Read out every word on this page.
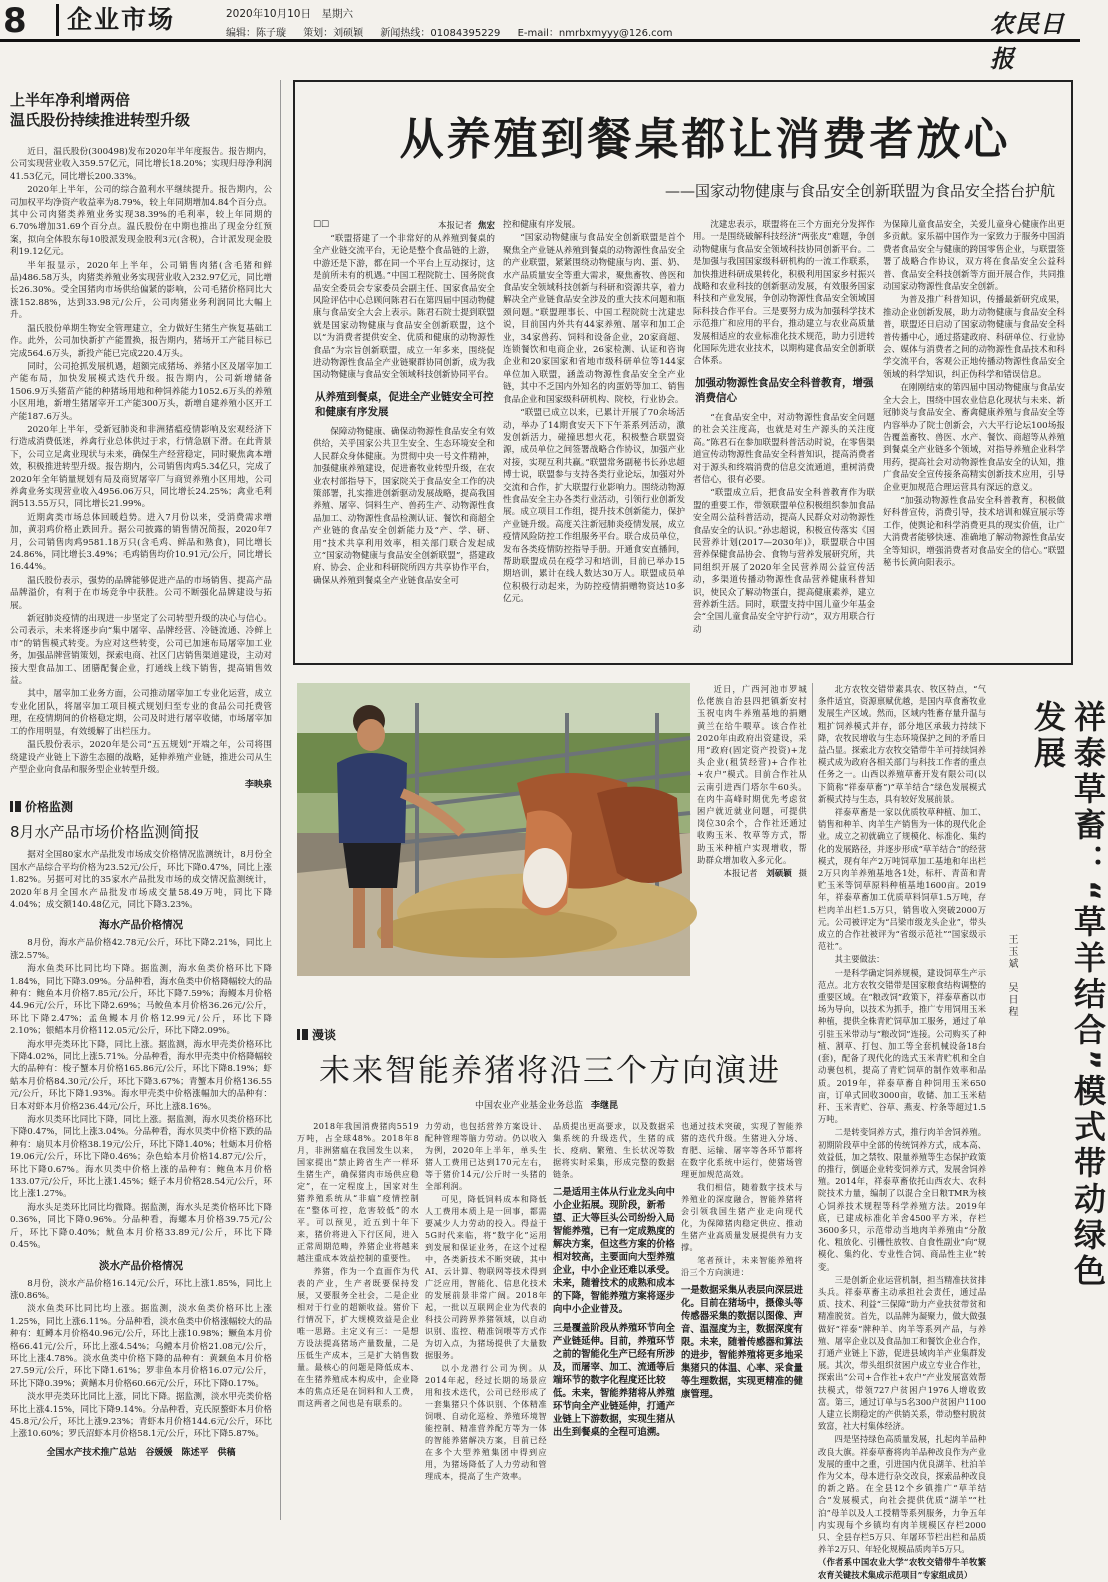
8	企业市场	2020年10月10日　星期六
编辑：陈子璇 策划：刘硕颖 新闻热线：01084395229 E-mail：nmrbxmyyy@126.com	农民日报
上半年净利增两倍
温氏股份持续推进转型升级

近日，温氏股份(300498)发布2020年半年度报告。报告期内，公司实现营业收入359.57亿元，同比增长18.20%；实现归母净利润41.53亿元，同比增长200.33%。

2020年上半年，公司的综合盈利水平继续提升。报告期内，公司加权平均净资产收益率为8.79%，较上年同期增加4.84个百分点。其中公司肉猪类养殖业务实现38.39%的毛利率，较上年同期的6.70%增加31.69个百分点。温氏股份在中期也推出了现金分红预案，拟向全体股东每10股派发现金股利3元(含税)，合计派发现金股利19.12亿元。

半年报显示，2020年上半年，公司销售肉猪(含毛猪和鲜品)486.58万头，肉猪类养殖业务实现营业收入232.97亿元，同比增长26.30%。受全国猪肉市场供给偏紧的影响，公司毛猪价格同比大涨152.88%，达到33.98元/公斤，公司肉猪业务利润同比大幅上升。

温氏股份单期生物安全管理建立，全力做好生猪生产恢复基础工作。此外，公司加快新扩产能置换，报告期内，猪场开工产能目标已完成564.6万头，新投产能已完成220.4万头。

同时，公司抢抓发展机遇，超额完成猪场、养猪小区及屠宰加工产能布局，加快发展模式迭代升级。报告期内，公司新增储备1506.9万头猪苗产能的种猪场用地和种饲养能力1052.6万头的养殖小区用地，新增生猪屠宰开工产能300万头，新增自建养殖小区开工产能187.6万头。

2020年上半年，受新冠肺炎和非洲猪瘟疫情影响及宏观经济下行造成消费低迷，养禽行业总体供过于求，行情急剧下滑。在此背景下，公司立足禽业现状与未来，确保生产经营稳定，同时聚焦禽本增效，积极推进转型升级。报告期内，公司销售肉鸡5.34亿只，完成了2020年全年销量规划有局及商贸屠宰厂与商贸养殖小区用地，公司养禽业务实现营业收入4956.06万只，同比增长24.25%；禽业毛利润513.55万只，同比增长21.99%。

近期禽类市场总体回暖趋势。进入7月份以来，受消费需求增加，黄羽鸡价格止跌回升。据公司披露的销售情况简报，2020年7月，公司销售肉鸡9581.18万只(含毛鸡、鲜品和熟食)，同比增长24.86%，同比增长3.49%；毛鸡销售均价10.91元/公斤，同比增长16.44%。

温氏股份表示，强势的品牌能够促进产品的市场销售、提高产品品牌溢价，有利于在市场竞争中获胜。公司不断强化品牌建设与拓展。

新冠肺炎疫情的出现进一步坚定了公司转型升级的决心与信心。公司表示，未来将逐步向“集中屠宰、品牌经营、冷链流通、冷鲜上市”的销售模式转变。为应对这些转变，公司已加速布局屠宰加工业务，加强品牌营销策划，探索电商、社区门店销售渠道建设，主动对接大型食品加工、团膳配餐企业，打通线上线下销售，提高销售效益。

其中，屠宰加工业务方面，公司推动屠宰加工专业化运营，成立专业化团队，将屠宰加工项目模式规划归至专业的食品公司托费管理，在疫情期间的价格稳定期，公司及时进行屠宰收储，市场屠宰加工的作用明显，有效缓解了出栏压力。

温氏股份表示，2020年是公司“五五规划”开端之年，公司将围绕建设产业链上下游生态圈的战略，延伸养殖产业链，推进公司从生产型企业向食品和服务型企业转型升级。

李映泉
价格监测
8月水产品市场价格监测简报

据对全国80家水产品批发市场成交价格情况监测统计，8月份全国水产品综合平均价格为23.52元/公斤，环比下降0.47%，同比上涨1.82%。另据可对比的35家水产品批发市场的成交情况监测统计，2020年8月全国水产品批发市场成交量58.49万吨，同比下降4.04%；成交额140.48亿元，同比下降3.23%。

海水产品价格情况

8月份，海水产品价格42.78元/公斤，环比下降2.21%，同比上涨2.57%。

海水鱼类环比同比均下降。据监测，海水鱼类价格环比下降1.84%，同比下降3.09%。分品种看，海水鱼类中价格降幅较大的品种有：鲍鱼本月价格7.85元/公斤，环比下降7.59%；海鳗本月价格44.96元/公斤，环比下降2.69%；马鲛鱼本月价格36.26元/公斤，环比下降2.47%；孟鱼鳗本月价格12.99元/公斤，环比下降2.10%；银鲳本月价格112.05元/公斤，环比下降2.09%。

海水甲壳类环比下降，同比上涨。据监测，海水甲壳类价格环比下降4.02%，同比上涨5.71%。分品种看，海水甲壳类中价格降幅较大的品种有：梭子蟹本月价格165.86元/公斤，环比下降8.19%；虾蛄本月价格84.30元/公斤，环比下降3.67%；青蟹本月价格136.55元/公斤，环比下降1.93%。海水甲壳类中价格涨幅加大的品种有：日本对虾本月价格236.44元/公斤，环比上涨8.16%。

海水贝类环比同比下降，同比上涨。据监测，海水贝类价格环比下降0.47%，同比上涨3.04%。分品种看，海水贝类中价格下跌的品种有：扇贝本月价格38.19元/公斤，环比下降1.40%；牡蛎本月价格19.06元/公斤，环比下降0.46%；杂色蛤本月价格14.87元/公斤，环比下降0.67%。海水贝类中价格上涨的品种有：鲍鱼本月价格133.07元/公斤，环比上涨1.45%；蛏子本月价格28.54元/公斤，环比上涨1.27%。

海水头足类环比同比均微降。据监测，海水头足类价格环比下降0.36%，同比下降0.96%。分品种看，海螺本月价格39.75元/公斤，环比下降0.40%；鱿鱼本月价格33.89元/公斤，环比下降0.45%。

淡水产品价格情况

8月份，淡水产品价格16.14元/公斤，环比上涨1.85%，同比上涨0.86%。

淡水鱼类环比同比均上涨。据监测，淡水鱼类价格环比上涨1.25%，同比上涨6.11%。分品种看，淡水鱼类中价格涨幅较大的品种有：虹鳟本月价格40.96元/公斤，环比上涨10.98%；鳜鱼本月价格66.41元/公斤，环比上涨4.54%；乌鳢本月价格21.08元/公斤，环比上涨4.78%。淡水鱼类中价格下降的品种有：黄颡鱼本月价格27.59元/公斤，环比下降1.61%；罗非鱼本月价格16.07元/公斤，环比下降0.39%；黄鳝本月价格60.66元/公斤，环比下降0.17%。

淡水甲壳类环比同比上涨，同比下降。据监测，淡水甲壳类价格环比上涨4.15%，同比下降9.14%。分品种看，克氏原螯虾本月价格45.8元/公斤，环比上涨9.23%；青虾本月价格144.6元/公斤，环比上涨10.60%；罗氏沼虾本月价格58.1元/公斤，环比下降5.87%。

全国水产技术推广总站　谷媛媛　陈述平　供稿
从养殖到餐桌都让消费者放心
——国家动物健康与食品安全创新联盟为食品安全搭台护航
□□	本报记者 焦宏

“联盟搭建了一个非常好的从养殖到餐桌的全产业链交流平台，无论是整个食品链的上游，中游还是下游，都在同一个平台上互动探讨，这是前所未有的机遇。”中国工程院院士、国务院食品安全委员会专家委员会副主任、国家食品安全风险评估中心总顾问陈君石在第四届中国动物健康与食品安全大会上表示。陈君石院士提到联盟就是国家动物健康与食品安全创新联盟，这个以“为消费者提供安全、优质和健康的动物源性食品”为宗旨创新联盟，成立一年多来，围绕促进动物源性食品全产业链聚群协同创新，成为我国动物健康与食品安全领域科技创新协同平台。

从养殖到餐桌，促进全产业链安全可控和健康有序发展

保障动物健康、确保动物源性食品安全有效供给，关乎国家公共卫生安全、生态环境安全和人民群众身体健康。为贯彻中央一号文件精神，加强健康养殖建设，促进畜牧业转型升级，在农业农村部指导下，国家院关于食品安全工作的决策部署，扎实推进创新驱动发展战略，提高我国养殖、屠宰、饲料生产、兽药生产、动物源性食品加工、动物源性食品检测认证、餐饮和商超全产业链的食品安全创新能力及“产、学、研、用”技术共享利用效率，相关部门联合发起成立“国家动物健康与食品安全创新联盟”，搭建政府、协会、企业和科研院所四方共享协作平台，确保从养殖到餐桌全产业链食品安全可

控和健康有序发展。

“国家动物健康与食品安全创新联盟是首个聚焦全产业链从养殖到餐桌的动物源性食品安全的产业联盟，紧紧围绕动物健康与肉、蛋、奶、水产品质量安全等重大需求，聚焦畜牧、兽医和食品安全领域科技创新与科研和资源共享，着力解决全产业链食品安全涉及的重大技术问题和瓶颈问题。”联盟理事长、中国工程院院士沈建忠说，目前国内外共有44家养殖、屠宰和加工企业，34家兽药、饲料和设备企业，20家商超、连锁餐饮和电商企业，26家检测、认证和咨询企业和20家国家和省地市级科研单位等144家单位加入联盟，涵盖动物源性食品安全全产业链，其中不乏国内外知名的肉蛋奶等加工、销售食品企业和国家级科研机构、院校，行业协会。

“联盟已成立以来，已累计开展了70余场活动，举办了14期食安天下下午茶系列活动，激发创新活力，碰撞思想火花，积极整合联盟资源，成员单位之间签署战略合作协议，加强产业对接，实现互利共赢。”联盟常务副秘书长孙忠超博士说，联盟参与支持各类行业论坛，加强对外交流和合作，扩大联盟行业影响力。围绕动物源性食品安全主办各类行业活动，引领行业创新发展。成立项目工作组，提升技术创新能力，保护产业链升级。高度关注新冠肺炎疫情发展，成立疫情风险防控工作组服务平台。联合成员单位，发布各类疫情防控指导手册。开通食安直播间，帮助联盟成员在疫学习和培训，目前已举办15期培训，累计在线人数达30万人。联盟成员单位积极行动起来，为防控疫情捐赠物资达10多亿元。

沈建忠表示，联盟将在三个方面充分发挥作用。一是围绕破解科技经济“两张皮”难题，争创动物健康与食品安全领域科技协同创新平台。二是加强与我国国家级科研机构的一流工作联系，加快推进科研成果转化，积极利用国家乡村振兴战略和农业科技的创新驱动发展，有效服务国家科技和产业发展，争创动物源性食品安全领域国际科技合作平台。三是要努力成为加强科学技术示范推广和应用的平台，推动建立与农业高质量发展相适应的农业标准化技术规范，助力引进转化国际先进农业技术，以期构建食品安全创新联合体系。

加强动物源性食品安全科普教育，增强消费信心

“在食品安全中，对动物源性食品安全问题的社会关注度高，也就是对生产源头的关注度高。”陈君石在参加联盟科普活动时说，在零售渠道宣传动物源性食品安全科普知识，提高消费者对于源头和终端消费的信息交流通道，重树消费者信心，很有必要。

“联盟成立后，把食品安全科普教育作为联盟的重要工作，带领联盟单位积极组织参加食品安全周公益科普活动，提高人民群众对动物源性食品安全的认识。”孙忠超说，积极宣传落实《国民营养计划(2017—2030年)》，联盟联合中国营养保健食品协会、食物与营养发展研究所，共同组织开展了2020年全民营养周公益宣传活动，多渠道传播动物源性食品营养健康科普知识，使民众了解动物蛋白，提高健康素养，建立营养新生活。同时，联盟支持中国儿童少年基金会“全国儿童食品安全守护行动”，双方用联合行动

为保障儿童食品安全，关爱儿童身心健康作出更多贡献。家乐福中国作为一家致力于服务中国消费者食品安全与健康的跨国零售企业，与联盟签署了战略合作协议，双方将在食品安全公益科普、食品安全科技创新等方面开展合作，共同推动国家动物源性食品安全创新。

为普及推广科普知识，传播最新研究成果，推动企业创新发展，助力动物健康与食品安全科普，联盟还日启动了国家动物健康与食品安全科普传播中心，通过搭建政府、科研单位、行业协会、媒体与消费者之间的动物源性食品技术和科学交流平台，客观公正地传播动物源性食品安全领域的科学知识，纠正伪科学和错误信息。

在刚刚结束的第四届中国动物健康与食品安全大会上，围绕中国农业信息化现状与未来、新冠肺炎与食品安全、畜禽健康养殖与食品安全等内容举办了院士创新会，六大平行论坛100场报告覆盖畜牧、兽医、水产、餐饮、商超等从养殖到餐桌全产业链多个领域，对指导养殖企业科学用药，提高社会对动物源性食品安全的认知，推广食品安全宣传接条高精实创新技术应用，引导企业更加规范合理运营具有深远的意义。

“加强动物源性食品安全科普教育，积极做好科普宣传，消费引导，技术培训和媒宣展示等工作，使舆论和科学消费更具的现实价值，让广大消费者能够快速、准确地了解动物源性食品安全等知识，增强消费者对食品安全的信心。”联盟秘书长黄向阳表示。

近日，广西河池市罗城仫佬族自治县四把镇新安村玉祝屯肉牛养殖基地的捐赠黄兰在给牛喂草。该合作社2020年由政府出资建设，采用“政府(固定资产投资)+龙头企业(租赁经营)+合作社+农户”模式。目前合作社从云南引进西门塔尔牛60头。在肉牛高峰时期优先考虑贫困户就近就业问题，可提供岗位30余个，合作社还通过收购玉米、牧草等方式，帮助玉米种植户实现增收，帮助群众增加收入多元化。

本报记者 刘硕颖 摄

北方农牧交错带素具农、牧区特点，“气条件适宜，资源禀赋优越，是国内草食畜牧业发展生产区域。然而，区域内牲畜存量升温与粗扩饲养模式并存，部分地区承载力持续下降，农牧民增收与生态环境保护之间的矛盾日益凸显。探索北方农牧交错带牛羊可持续饲养模式成为政府各相关部门与科技工作者的重点任务之一。山西以养殖草畜开发有限公司(以下简称“祥泰草畜”)“草羊结合”绿色发展模式新模式持与生态，具有较好发展前景。

祥泰草畜是一家以优质牧草种植、加工、销售和种羊、肉羊生产销售为一体的现代化企业。成立之初就确立了规模化、标准化、集约化的发展路径，并逐步形成“草羊结合”的经营模式，现有年产2万吨饲草加工基地和年出栏2万只肉羊养殖基地各1处，标杆、青苗和青贮玉米等饲草原料种植基地1600亩。2019年，祥泰草畜加工优质草料饲草1.5万吨，存栏肉羊出栏1.5万只，销售收入突破2000万元。公司被评定为“吕梁市级龙头企业”，带头成立的合作社被评为“省级示范社”“国家级示范社”。

其主要做法：

一是科学确定饲养规模，建设饲草生产示范点。北方农牧交错带是国家粮食结构调整的重要区域。在“粮改饲”政策下，祥泰草畜以市场为导向，以技术为抓手，推广专用饲用玉米种植，提供全株青贮饲草加工服务，通过了单引驻玉米带动与“粮改饲”连接。公司购买了种植、割草、打包、加工等全套机械设备18台(套)，配备了现代化的选式玉米青贮机和全自动裹包机，提高了青贮饲草的制作效率和品质。2019年，祥泰草畜自种饲用玉米650亩，订单式回收3000亩，收储、加工玉米秸秆、玉米青贮、谷草、燕麦、柠条等超过1.5万吨。

二是转变饲养方式，推行肉羊舍饲养殖。初期阶段草中全部的传统饲养方式，成本高、效益低，加之禁牧、限量养殖等生态保护政策的推行，倒逼企业转变饲养方式，发展舍饲养殖。2014年，祥泰草畜依托山西农大、农科院技术力量，编制了以混合全日粮TMR为核心饲养技术规程等科学养殖方法。2019年底，已建成标准化羊舍4500平方米，存栏3600多只，示范带动当地肉羊养殖由“分散化、粗放化、引栅性放牧、自食性副业”向“规模化、集约化、专业性合饲、商品性主业”转变。

三是创新企业运营机制，担当精准扶贫排头兵。祥泰草畜主动承担社会责任，通过品质、技术、利益“三保障”助力产业扶贫带贫和精准脱贫。首先，以品牌为凝聚力，做大做强做好“祥泰”牌种羊、肉羊等系列产品，与养殖、屠宰企业以及食品加工和餐饮企业合作，打通产业链上下游，促进县域肉羊产业集群发展。其次，带头组织贫困户成立专业合作社，探索出“公司+合作社+农户”产业发展富效帮扶模式，带领727户贫困户1976人增收致富。第三，通过订单与5名300户贫困户1100人建立长期稳定的产供销关系，带动整村脱贫致富，社大村集体经济。

四是坚持绿色高质量发展，扎起肉羊品种改良大旗。祥泰草畜将肉羊品种改良作为产业发展的重中之重，引进国内优良湖羊、杜泊羊作为父本，母本进行杂交改良，探索品种改良的新之路。在全县12个乡镇推广“草羊结合”发展模式，向社会提供优质“湖羊”“杜泊”母羊以及人工授精等系列服务，力争五年内实现每个乡镇均有肉羊规模区存栏2000只、全县存栏5万只、年屠环节栏出栏和品质养羊2万只、年轻化规模品质肉羊5万只。

（作者系中国农业大学“农牧交错带牛羊牧繁农育关键技术集成示范项目”专家组成员）

祥泰草畜：“草羊结合”模式带动绿色发展
王玉斌　吴日程
漫谈
未来智能养猪将沿三个方向演进
中国农业产业基金业务总监 李继昆

2018年我国消费猪肉5519万吨，占全球48%。2018年8月，非洲猪瘟在我国发生以来，国家提出“禁止跨省生产一样环生猪生产，确保猪肉市场供应稳定”，在一定程度上，国家对生猪养殖系统从“非瘟”疫情控制在“整体可控，危害较低”的水平。可以预见，近五到十年下来，猪价将进入下行区间，进入正常周期范畴，养猪企业将越来越注重成本效益控制的重要性。

养猪，作为一个直面作为代表的产业，生产者既要保持发展，又要服务全社会，二是企业相对于行业的超额收益。猪价下行情况下，扩大规模效益是企业唯一思路。主定义有三：一是想方设法提高猪场产量数量，二是压低生产成本，三是扩大销售数量。最核心的问题是降低成本、在生猪养殖成本构成中，企业降本的焦点还是在饲料和人工费，而这两者之间也是有联系的。

力劳动，也包括营养方案设计、配种管理等脑力劳动。仍以收入为例，2020年上半年，单头生猪人工费用已达到170元左右，等于猪价14元/公斤时一头猪的全部利润。

可见，降低饲料成本和降低人工费用本质上是一回事，都需要减少人力劳动的投入。得益于5G时代来临，将“数字化”运用到发展和保证业务，在这个过程中，各类新技术不断突破，其中AI、云计算、物联网等技术得到广泛应用，智能化、信息化技术的发展前景非常广阔。2018年起，一批以互联网企业为代表的科技公司跨界养猪领域，以自动识别、监控、精准饲喂等方式作为切入点，为猪场提供了大量数据服务。

以小龙潜行公司为例。从2014年起，经过长期的场景应用和技术迭代，公司已经形成了一套集猪只个体识别、个体精准饲喂、自动化巡检、养殖环境智能控制、精准营养配方等为一体的智能养猪解决方案，目前已经在多个大型养殖集团中得到应用，为猪场降低了人力劳动和管理成本，提高了生产效率。

品质提出更高要求，以及数据采集系统的升级迭代，生猪的成长、疫病、繁殖、生长状况等数据将实时采集，形成完整的数据链条。

二是适用主体从行业龙头向中小企业拓展。现阶段，新希望、正大等巨头公司纷纷入局智能养殖，已有一定成熟度的解决方案，但这些方案的价格相对较高，主要面向大型养殖企业，中小企业还难以承受。未来，随着技术的成熟和成本的下降，智能养殖方案将逐步向中小企业普及。
三是覆盖阶段从养殖环节向全产业链延伸。目前，养殖环节之前的智能化生产已经有所涉及，而屠宰、加工、流通等后端环节的数字化程度还比较低。未来，智能养猪将从养殖环节向全产业链延伸，打通产业链上下游数据，实现生猪从出生到餐桌的全程可追溯。

也通过技术突破，实现了智能养猪的迭代升级。生猪进入分场、育肥、运输、屠宰等各环节都将在数字化系统中运行，使猪场管理更加规范高效。

我们相信，随着数字技术与养殖业的深度融合，智能养猪将会引领我国生猪产业走向现代化，为保障猪肉稳定供应、推动生猪产业高质量发展提供有力支撑。

笔者预计，未来智能养殖将沿三个方向演进：

一是数据采集从表层向深层进化。目前在猪场中，摄像头等传感器采集的数据以图像、声音、温湿度为主，数据深度有限。未来，随着传感器和算法的进步，智能养殖将更多地采集猪只的体温、心率、采食量等生理数据，实现更精准的健康管理。
